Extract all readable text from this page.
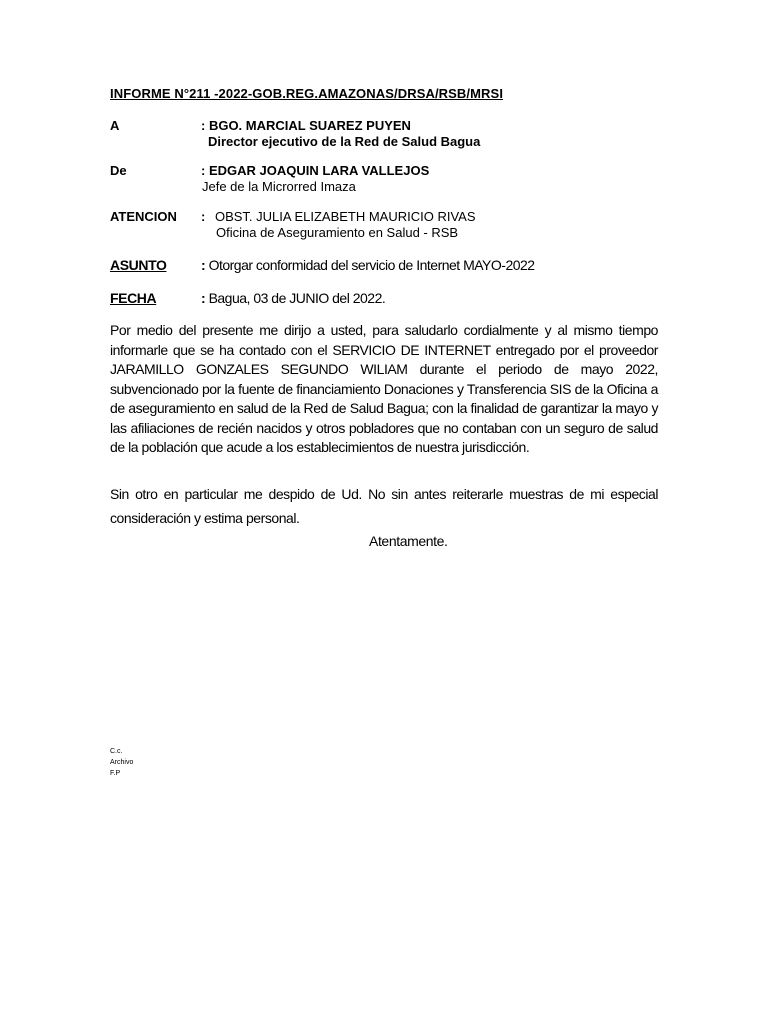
INFORME N°211 -2022-GOB.REG.AMAZONAS/DRSA/RSB/MRSI
A	: BGO. MARCIAL SUAREZ PUYEN
Director ejecutivo de la Red de Salud Bagua
De	: EDGAR JOAQUIN LARA VALLEJOS
Jefe de la Microrred Imaza
ATENCION : OBST. JULIA ELIZABETH MAURICIO RIVAS
Oficina de Aseguramiento en Salud - RSB
ASUNTO : Otorgar conformidad del servicio de Internet MAYO-2022
FECHA	: Bagua, 03 de JUNIO del 2022.
Por medio del presente me dirijo a usted, para saludarlo cordialmente y al mismo tiempo informarle que se ha contado con el SERVICIO DE INTERNET entregado por el proveedor JARAMILLO GONZALES SEGUNDO WILIAM durante el periodo de mayo 2022, subvencionado por la fuente de financiamiento Donaciones y Transferencia SIS de la Oficina a de aseguramiento en salud de la Red de Salud Bagua; con la finalidad de garantizar la mayo y las afiliaciones de recién nacidos y otros pobladores que no contaban con un seguro de salud de la población que acude a los establecimientos de nuestra jurisdicción.
Sin otro en particular me despido de Ud. No sin antes reiterarle muestras de mi especial consideración y estima personal.
Atentamente.
C.c.
Archivo
F.P
